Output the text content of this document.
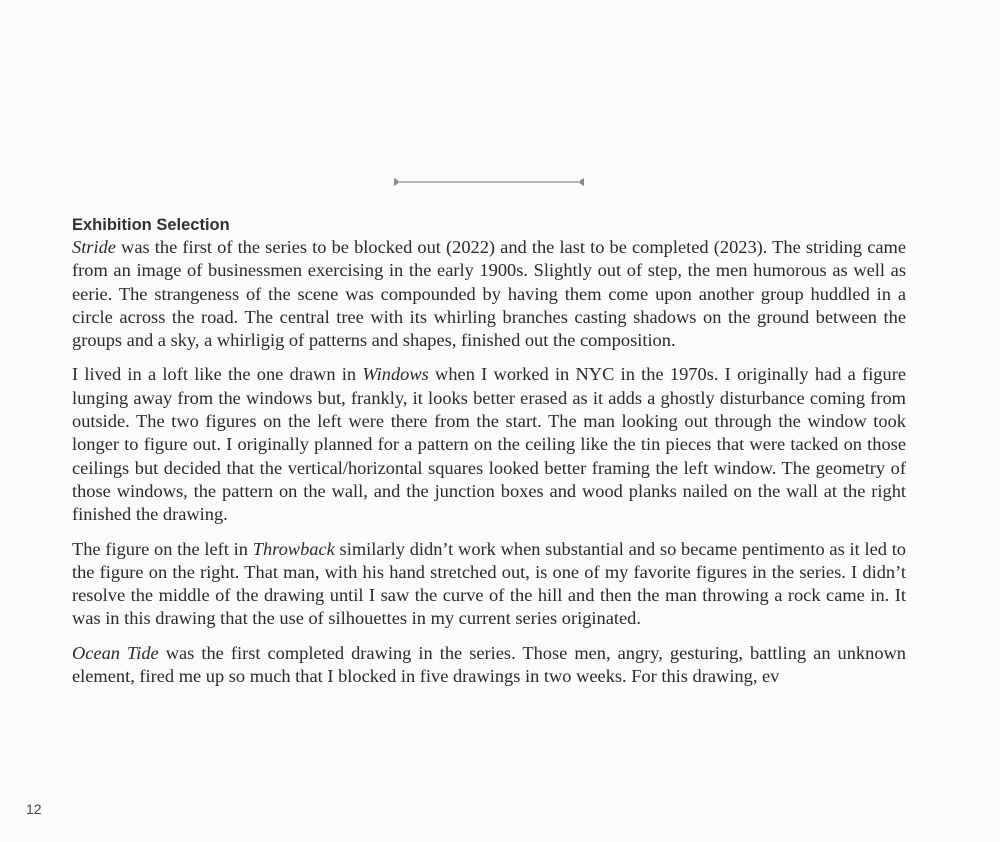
Exhibition Selection

Stride was the first of the series to be blocked out (2022) and the last to be completed (2023). The striding came from an image of businessmen exercising in the early 1900s. Slightly out of step, the men humorous as well as eerie. The strangeness of the scene was compounded by having them come upon another group huddled in a circle across the road. The central tree with its whirling branches casting shadows on the ground between the groups and a sky, a whirligig of patterns and shapes, finished out the composition.

I lived in a loft like the one drawn in Windows when I worked in NYC in the 1970s. I originally had a figure lunging away from the windows but, frankly, it looks better erased as it adds a ghostly disturbance coming from outside. The two figures on the left were there from the start. The man looking out through the window took longer to figure out. I originally planned for a pattern on the ceiling like the tin pieces that were tacked on those ceilings but decided that the vertical/horizontal squares looked better framing the left window. The geometry of those windows, the pattern on the wall, and the junction boxes and wood planks nailed on the wall at the right finished the drawing.

The figure on the left in Throwback similarly didn’t work when substantial and so became pentimento as it led to the figure on the right. That man, with his hand stretched out, is one of my favorite figures in the series. I didn’t resolve the middle of the drawing until I saw the curve of the hill and then the man throwing a rock came in. It was in this drawing that the use of silhouettes in my current series originated.

Ocean Tide was the first completed drawing in the series. Those men, angry, gesturing, battling an unknown element, fired me up so much that I blocked in five drawings in two weeks. For this drawing, ev

12
